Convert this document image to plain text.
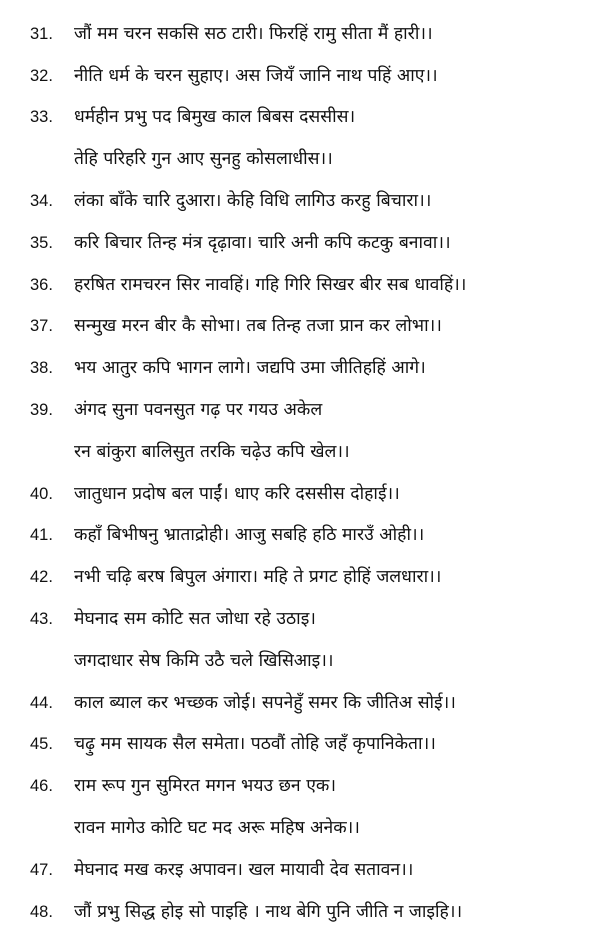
31.	जौं मम चरन सकसि सठ टारी। फिरहिं रामु सीता मैं हारी।।
32.	नीति धर्म के चरन सुहाए। अस जियँ जानि नाथ पहिं आए।।
33.	धर्महीन प्रभु पद बिमुख काल बिबस दससीस।
तेहि परिहरि गुन आए सुनहु कोसलाधीस।।
34.	लंका बाँके चारि दुआरा। केहि विधि लागिउ करहु बिचारा।।
35.	करि बिचार तिन्ह मंत्र दृढ़ावा। चारि अनी कपि कटकु बनावा।।
36.	हरषित रामचरन सिर नावहिं। गहि गिरि सिखर बीर सब धावहिं।।
37.	सन्मुख मरन बीर कै सोभा। तब तिन्ह तजा प्रान कर लोभा।।
38.	भय आतुर कपि भागन लागे। जद्यपि उमा जीतिहहिं आगे।
39.	अंगद सुना पवनसुत गढ़ पर गयउ अकेल
रन बांकुरा बालिसुत तरकि चढ़ेउ कपि खेल।।
40.	जातुधान प्रदोष बल पाईं। धाए करि दससीस दोहाई।।
41.	कहाँ बिभीषनु भ्राताद्रोही। आजु सबहि हठि मारउँ ओही।।
42.	नभी चढ़ि बरष बिपुल अंगारा। महि ते प्रगट होहिं जलधारा।।
43.	मेघनाद सम कोटि सत जोधा रहे उठाइ।
जगदाधार सेष किमि उठै चले खिसिआइ।।
44.	काल ब्याल कर भच्छक जोई। सपनेहुँ समर कि जीतिअ सोई।।
45.	चढ़ु मम सायक सैल समेता। पठवौं तोहि जहँ कृपानिकेता।।
46.	राम रूप गुन सुमिरत मगन भयउ छन एक।
रावन मागेउ कोटि घट मद अरू महिष अनेक।।
47.	मेघनाद मख करइ अपावन। खल मायावी देव सतावन।।
48.	जौं प्रभु सिद्ध होइ सो पाइहि । नाथ बेगि पुनि जीति न जाइहि।।
